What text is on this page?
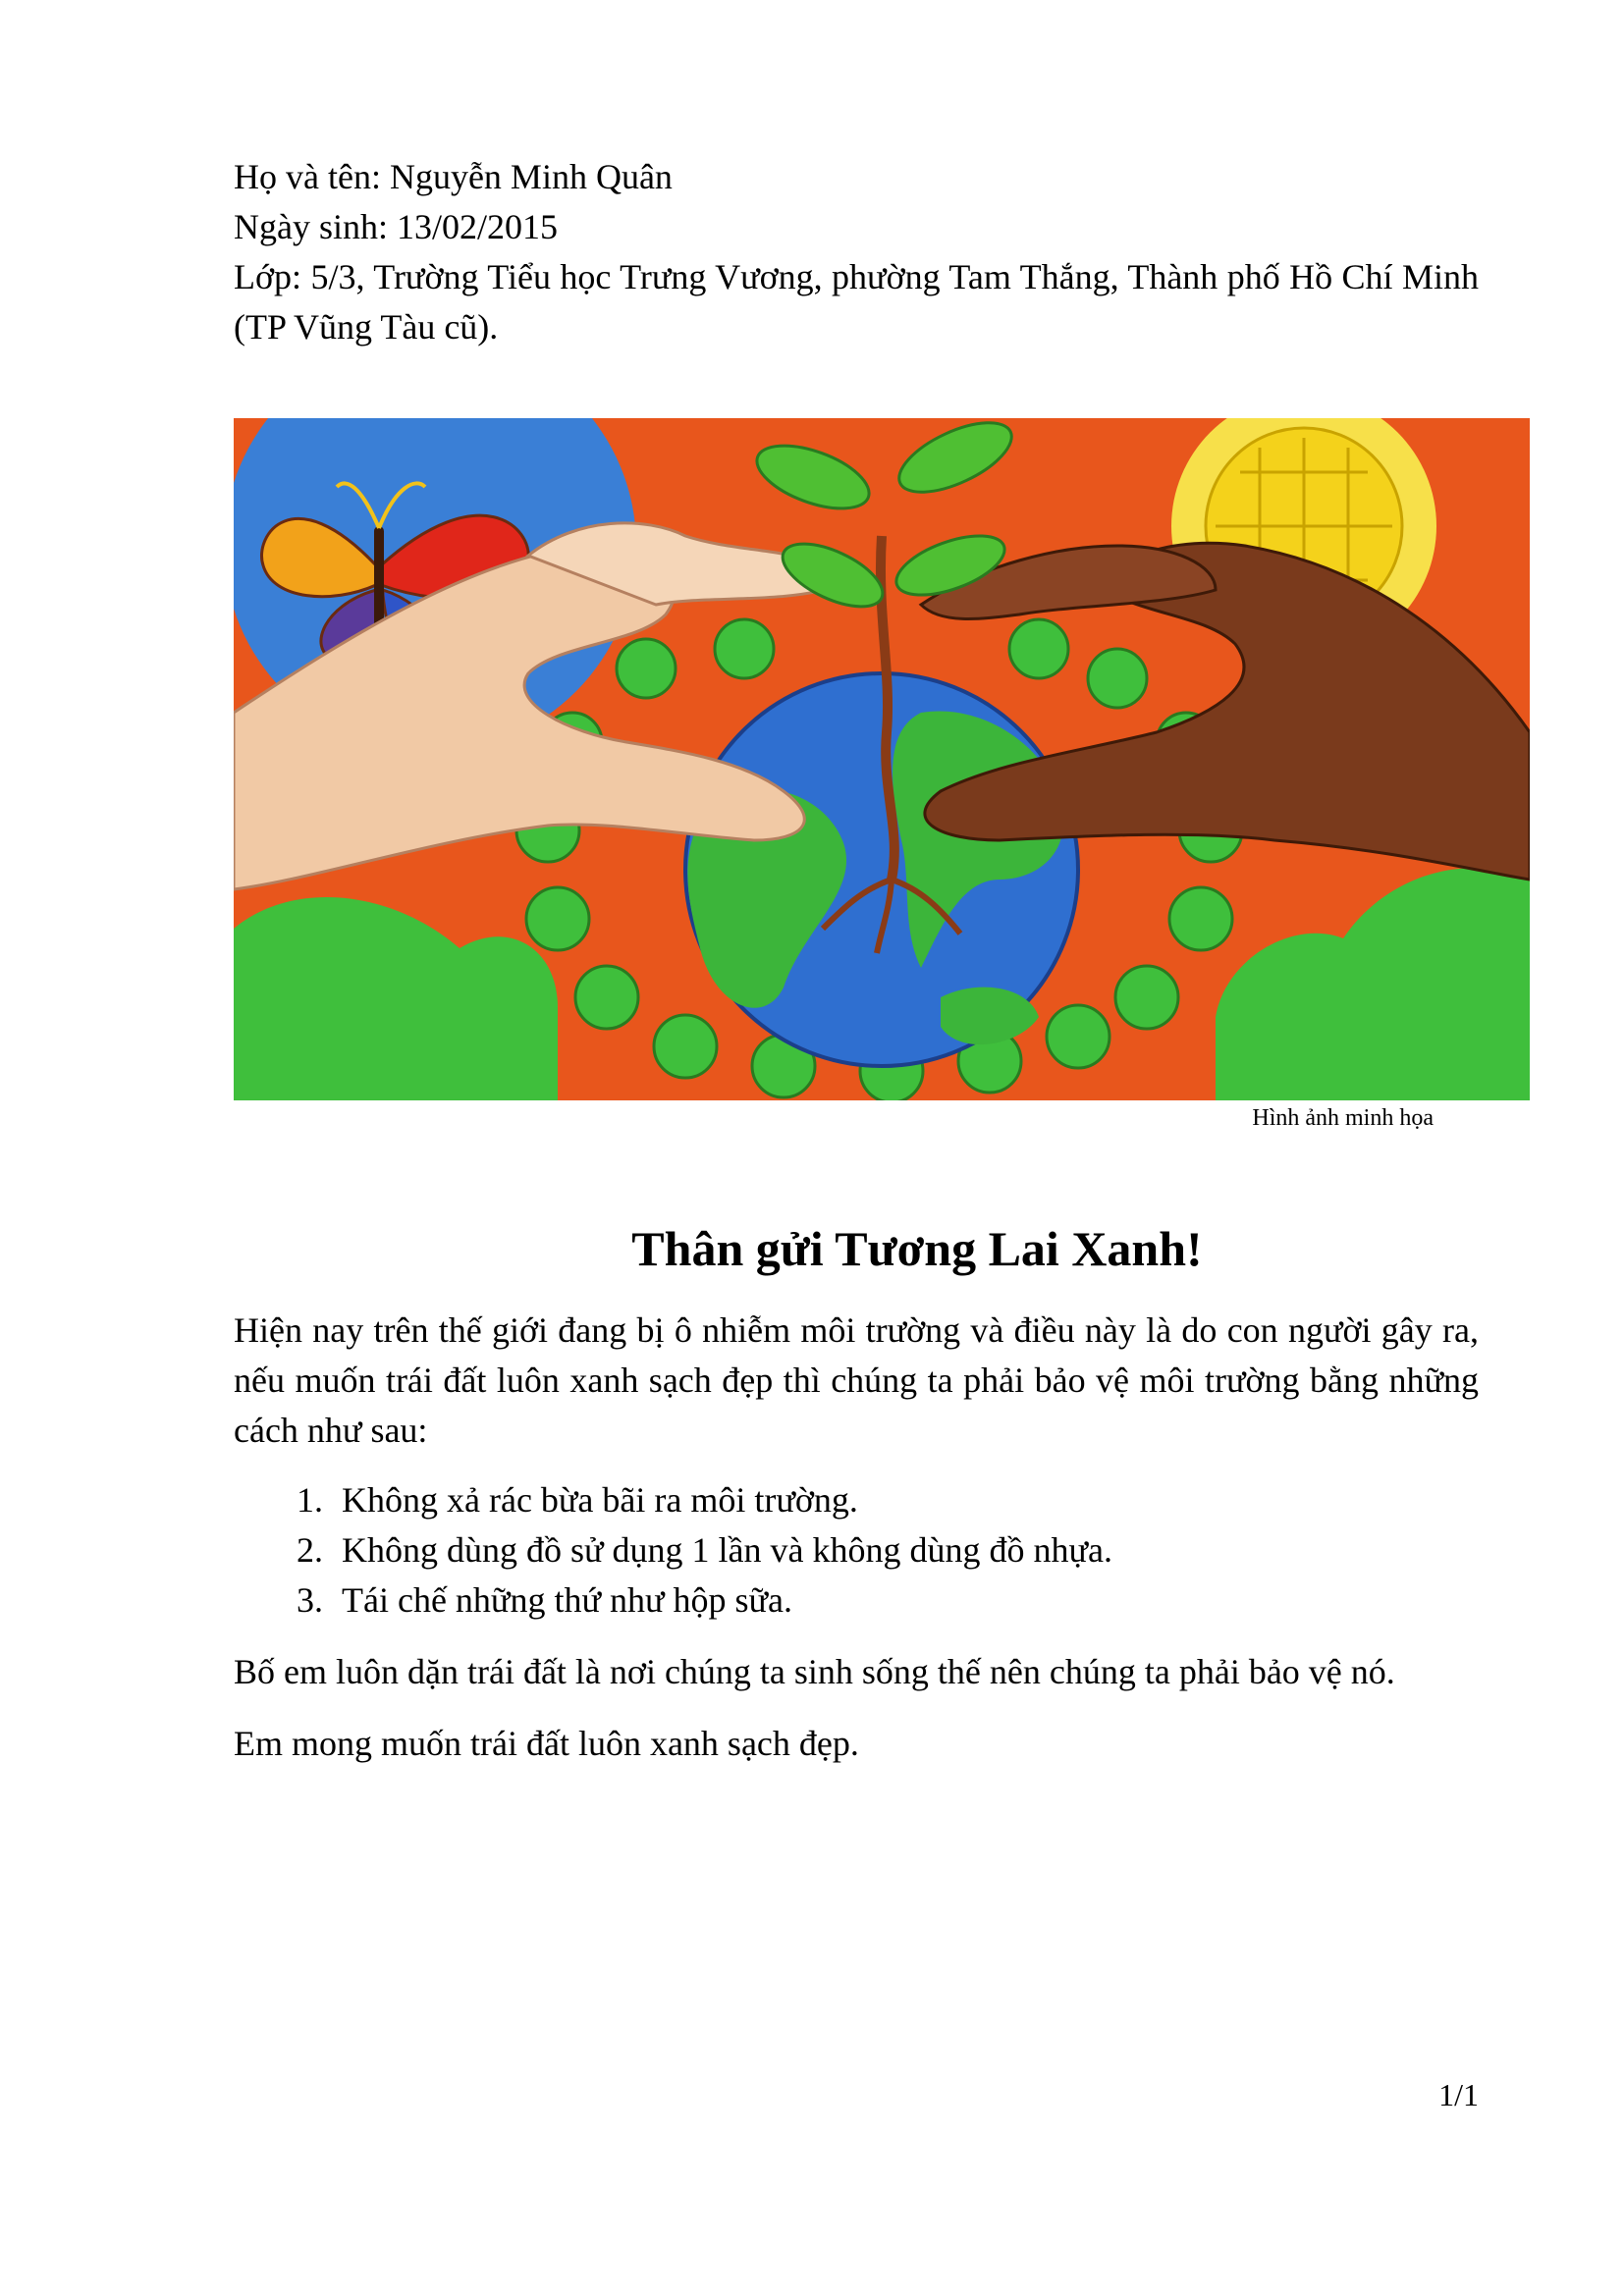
Họ và tên: Nguyễn Minh Quân

Ngày sinh: 13/02/2015

Lớp: 5/3, Trường Tiểu học Trưng Vương, phường Tam Thắng, Thành phố Hồ Chí Minh (TP Vũng Tàu cũ).

Hình ảnh minh họa
Thân gửi Tương Lai Xanh!

Hiện nay trên thế giới đang bị ô nhiễm môi trường và điều này là do con người gây ra, nếu muốn trái đất luôn xanh sạch đẹp thì chúng ta phải bảo vệ môi trường bằng những cách như sau:

1. Không xả rác bừa bãi ra môi trường.
2. Không dùng đồ sử dụng 1 lần và không dùng đồ nhựa.
3. Tái chế những thứ như hộp sữa.

Bố em luôn dặn trái đất là nơi chúng ta sinh sống thế nên chúng ta phải bảo vệ nó.

Em mong muốn trái đất luôn xanh sạch đẹp.

1/1
